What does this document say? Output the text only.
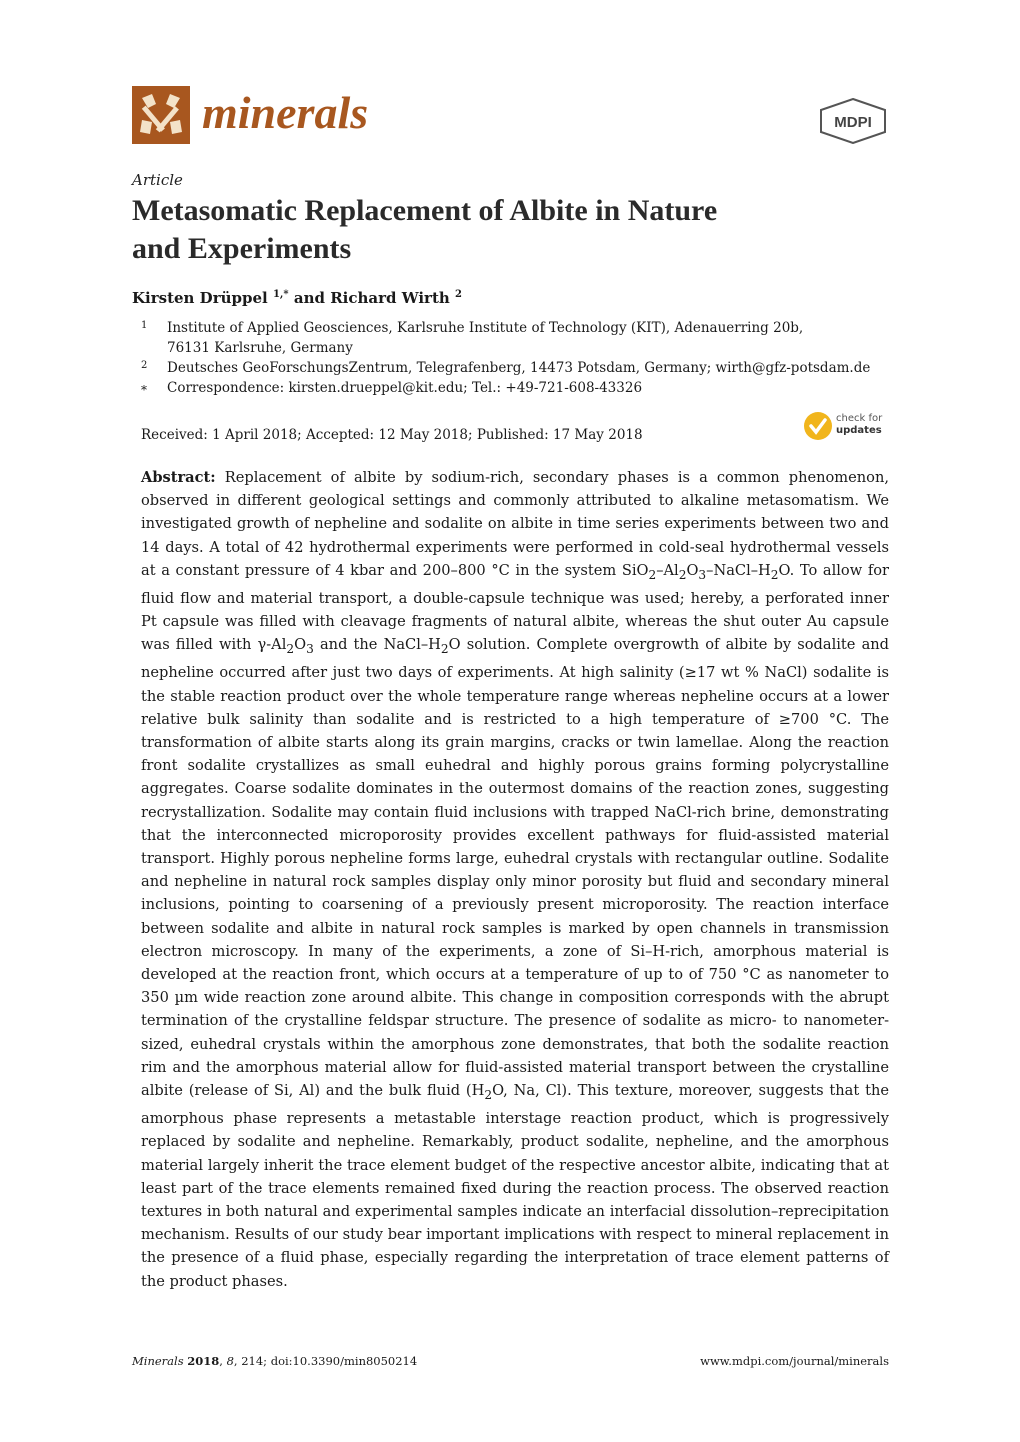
minerals	MDPI
Article
Metasomatic Replacement of Albite in Nature
and Experiments
Kirsten Drüppel $^{1,*}$ and Richard Wirth $^2$
1 Institute of Applied Geosciences, Karlsruhe Institute of Technology (KIT), Adenauerring 20b,
76131 Karlsruhe, Germany
2 Deutsches GeoForschungsZentrum, Telegrafenberg, 14473 Potsdam, Germany; wirth@gfz-potsdam.de
* Correspondence: kirsten.drueppel@kit.edu; Tel.: +49-721-608-43326
Received: 1 April 2018; Accepted: 12 May 2018; Published: 17 May 2018
check for
updates
Abstract: Replacement of albite by sodium-rich, secondary phases is a common phenomenon, observed in different geological settings and commonly attributed to alkaline metasomatism. We investigated growth of nepheline and sodalite on albite in time series experiments between two and 14 days. A total of 42 hydrothermal experiments were performed in cold-seal hydrothermal vessels at a constant pressure of 4 kbar and 200–800 °C in the system $SiO_2-Al_2O_3-NaCl-H_2O$. To allow for fluid flow and material transport, a double-capsule technique was used; hereby, a perforated inner Pt capsule was filled with cleavage fragments of natural albite, whereas the shut outer Au capsule was filled with $\gamma-Al_2O_3$ and the NaCl–$H_2O$ solution. Complete overgrowth of albite by sodalite and nepheline occurred after just two days of experiments. At high salinity (≥17 wt % NaCl) sodalite is the stable reaction product over the whole temperature range whereas nepheline occurs at a lower relative bulk salinity than sodalite and is restricted to a high temperature of ≥700 °C. The transformation of albite starts along its grain margins, cracks or twin lamellae. Along the reaction front sodalite crystallizes as small euhedral and highly porous grains forming polycrystalline aggregates. Coarse sodalite dominates in the outermost domains of the reaction zones, suggesting recrystallization. Sodalite may contain fluid inclusions with trapped NaCl-rich brine, demonstrating that the interconnected microporosity provides excellent pathways for fluid-assisted material transport. Highly porous nepheline forms large, euhedral crystals with rectangular outline. Sodalite and nepheline in natural rock samples display only minor porosity but fluid and secondary mineral inclusions, pointing to coarsening of a previously present microporosity. The reaction interface between sodalite and albite in natural rock samples is marked by open channels in transmission electron microscopy. In many of the experiments, a zone of Si–H-rich, amorphous material is developed at the reaction front, which occurs at a temperature of up to of 750 °C as nanometer to 350 µm wide reaction zone around albite. This change in composition corresponds with the abrupt termination of the crystalline feldspar structure. The presence of sodalite as micro- to nanometer-sized, euhedral crystals within the amorphous zone demonstrates, that both the sodalite reaction rim and the amorphous material allow for fluid-assisted material transport between the crystalline albite (release of Si, Al) and the bulk fluid ($H_2O$, Na, Cl). This texture, moreover, suggests that the amorphous phase represents a metastable interstage reaction product, which is progressively replaced by sodalite and nepheline. Remarkably, product sodalite, nepheline, and the amorphous material largely inherit the trace element budget of the respective ancestor albite, indicating that at least part of the trace elements remained fixed during the reaction process. The observed reaction textures in both natural and experimental samples indicate an interfacial dissolution–reprecipitation mechanism. Results of our study bear important implications with respect to mineral replacement in the presence of a fluid phase, especially regarding the interpretation of trace element patterns of the product phases.
Minerals 2018, 8, 214; doi:10.3390/min8050214	www.mdpi.com/journal/minerals
